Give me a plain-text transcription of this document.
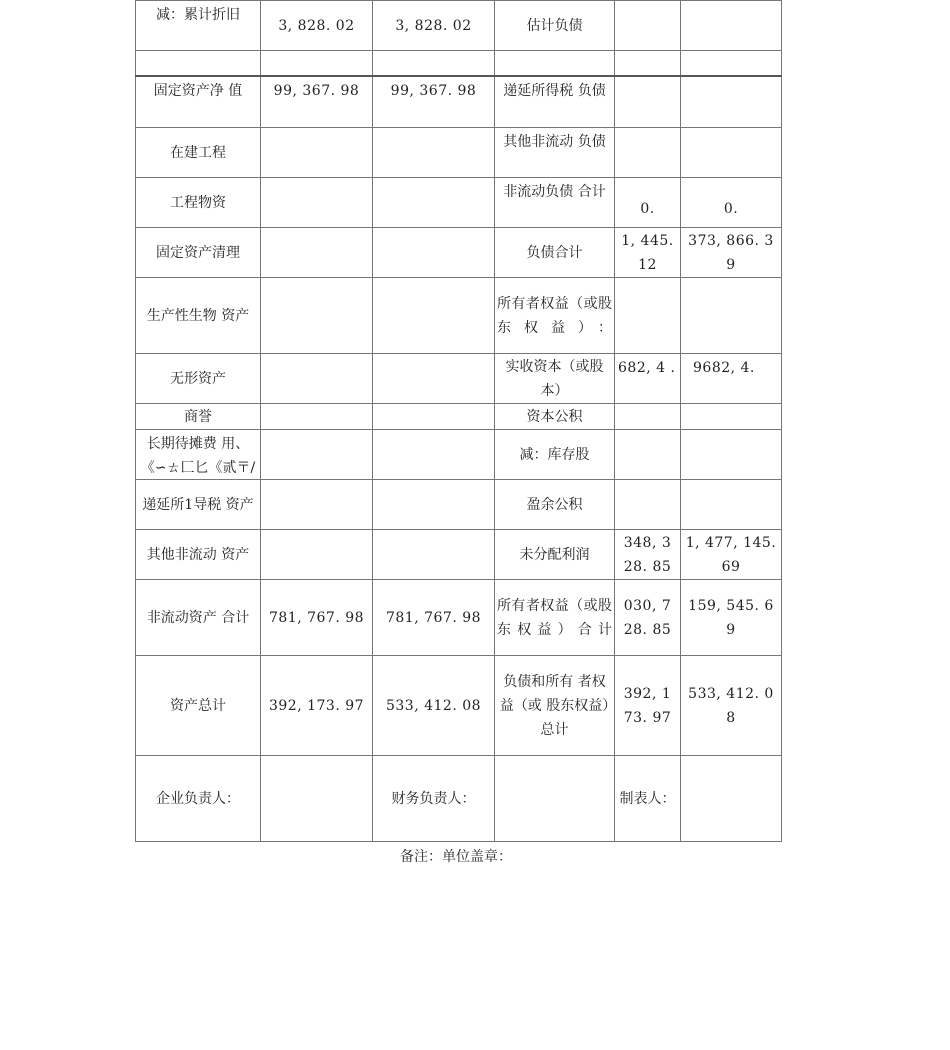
减：累计折旧	3, 828. 02	3, 828. 02	估计负债		

固定资产净 值	99, 367. 98	99, 367. 98	递延所得税 负债		
在建工程			其他非流动 负债		
工程物资			非流动负债 合计	0.	0.
固定资产清理			负债合计	1, 445. 12	373, 866. 39
生产性生物 资产			所有者权益（或股东权益）：		
无形资产			实收资本（或股本）	682, 4 .	9682, 4.
商誉			资本公积		

长期待摊费 用、《∽ㄊ匚匕《贰〒/			减：库存股		
递延所1导税 资产			盈余公积		
其他非流动 资产			未分配利润	348, 3 28. 85	1, 477, 145. 69
非流动资产 合计	781, 767. 98	781, 767. 98	所有者权益（或股东权益）合计	030, 7 28. 85	159, 545. 69
资产总计	392, 173. 97	533, 412. 08	负债和所有 者权益（或 股东权益）总计	392, 1 73. 97	533, 412. 08
企业负责人：		财务负责人：		制表人：	
备注：单位盖章：
